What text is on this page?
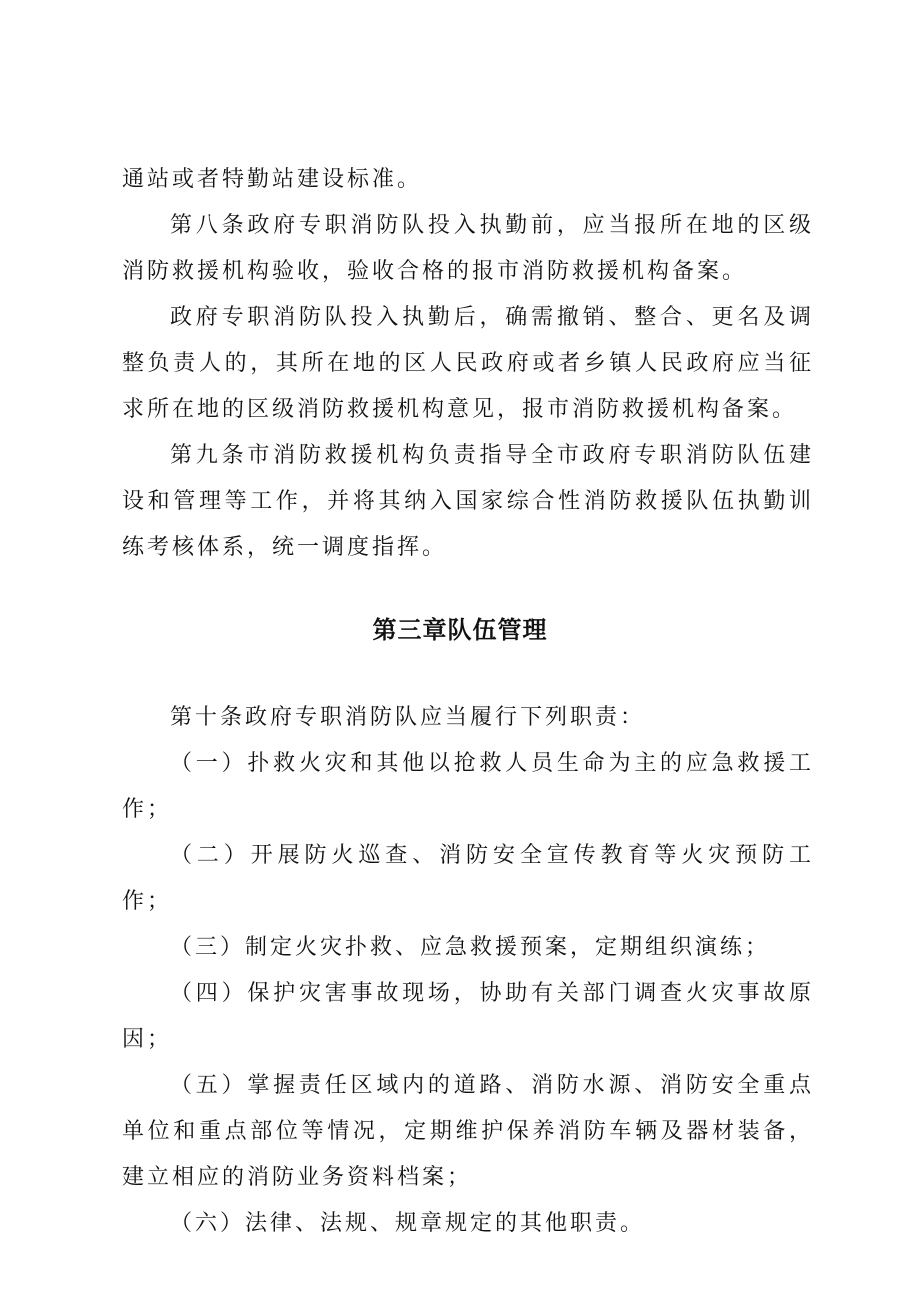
通站或者特勤站建设标准。

第八条政府专职消防队投入执勤前，应当报所在地的区级消防救援机构验收，验收合格的报市消防救援机构备案。

政府专职消防队投入执勤后，确需撤销、整合、更名及调整负责人的，其所在地的区人民政府或者乡镇人民政府应当征求所在地的区级消防救援机构意见，报市消防救援机构备案。

第九条市消防救援机构负责指导全市政府专职消防队伍建设和管理等工作，并将其纳入国家综合性消防救援队伍执勤训练考核体系，统一调度指挥。

第三章队伍管理

第十条政府专职消防队应当履行下列职责：

（一）扑救火灾和其他以抢救人员生命为主的应急救援工作；

（二）开展防火巡查、消防安全宣传教育等火灾预防工作；

（三）制定火灾扑救、应急救援预案，定期组织演练；

（四）保护灾害事故现场，协助有关部门调查火灾事故原因；

（五）掌握责任区域内的道路、消防水源、消防安全重点单位和重点部位等情况，定期维护保养消防车辆及器材装备，建立相应的消防业务资料档案；

（六）法律、法规、规章规定的其他职责。
